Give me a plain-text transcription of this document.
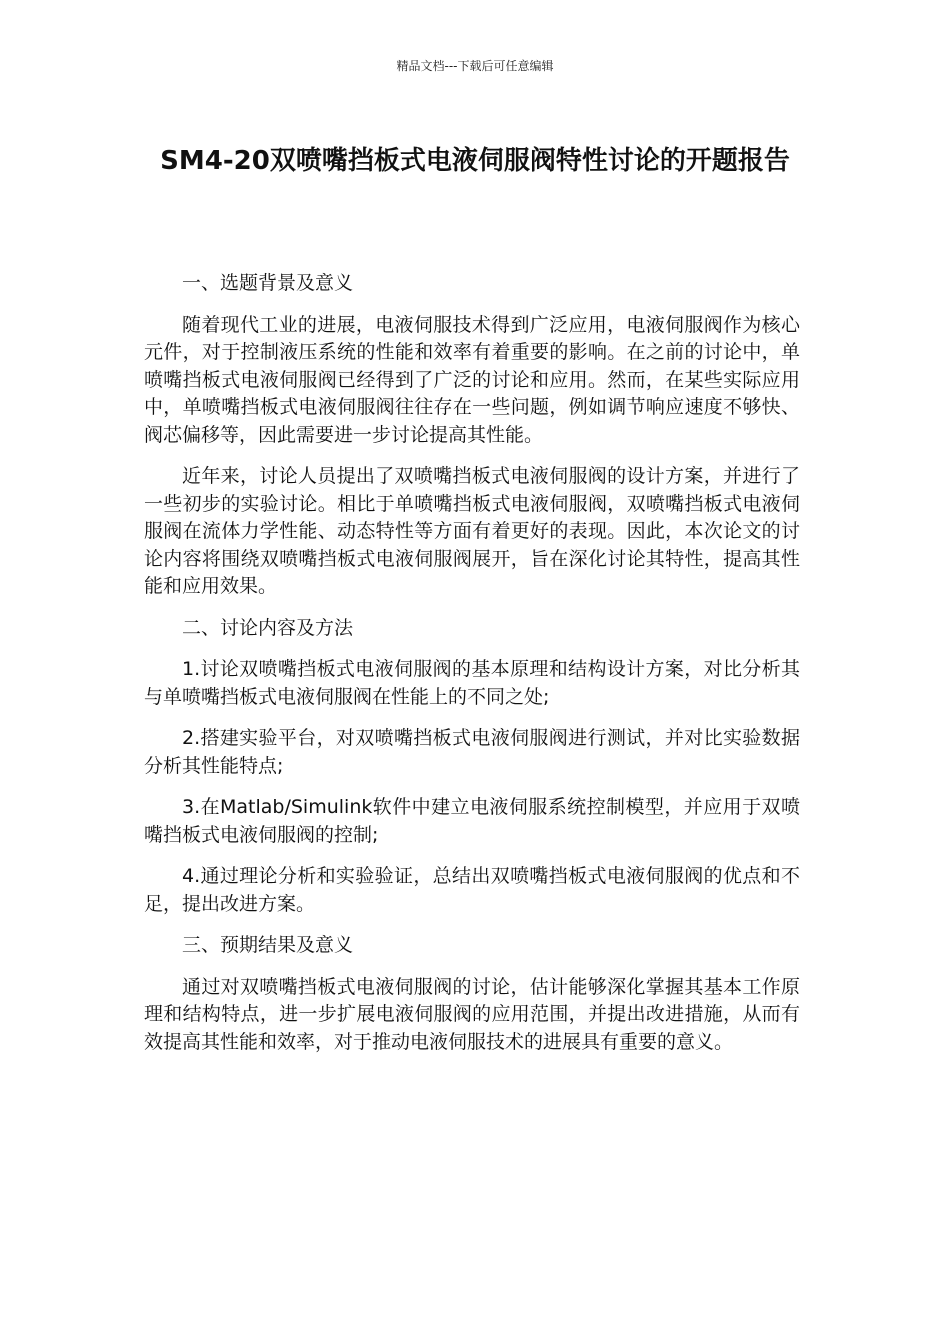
精品文档---下载后可任意编辑
SM4-20双喷嘴挡板式电液伺服阀特性讨论的开题报告

一、选题背景及意义

随着现代工业的进展，电液伺服技术得到广泛应用，电液伺服阀作为核心元件，对于控制液压系统的性能和效率有着重要的影响。在之前的讨论中，单喷嘴挡板式电液伺服阀已经得到了广泛的讨论和应用。然而，在某些实际应用中，单喷嘴挡板式电液伺服阀往往存在一些问题，例如调节响应速度不够快、阀芯偏移等，因此需要进一步讨论提高其性能。

近年来，讨论人员提出了双喷嘴挡板式电液伺服阀的设计方案，并进行了一些初步的实验讨论。相比于单喷嘴挡板式电液伺服阀，双喷嘴挡板式电液伺服阀在流体力学性能、动态特性等方面有着更好的表现。因此，本次论文的讨论内容将围绕双喷嘴挡板式电液伺服阀展开，旨在深化讨论其特性，提高其性能和应用效果。

二、讨论内容及方法

1.讨论双喷嘴挡板式电液伺服阀的基本原理和结构设计方案，对比分析其与单喷嘴挡板式电液伺服阀在性能上的不同之处;

2.搭建实验平台，对双喷嘴挡板式电液伺服阀进行测试，并对比实验数据分析其性能特点;

3.在Matlab/Simulink软件中建立电液伺服系统控制模型，并应用于双喷嘴挡板式电液伺服阀的控制;

4.通过理论分析和实验验证，总结出双喷嘴挡板式电液伺服阀的优点和不足，提出改进方案。

三、预期结果及意义

通过对双喷嘴挡板式电液伺服阀的讨论，估计能够深化掌握其基本工作原理和结构特点，进一步扩展电液伺服阀的应用范围，并提出改进措施，从而有效提高其性能和效率，对于推动电液伺服技术的进展具有重要的意义。
